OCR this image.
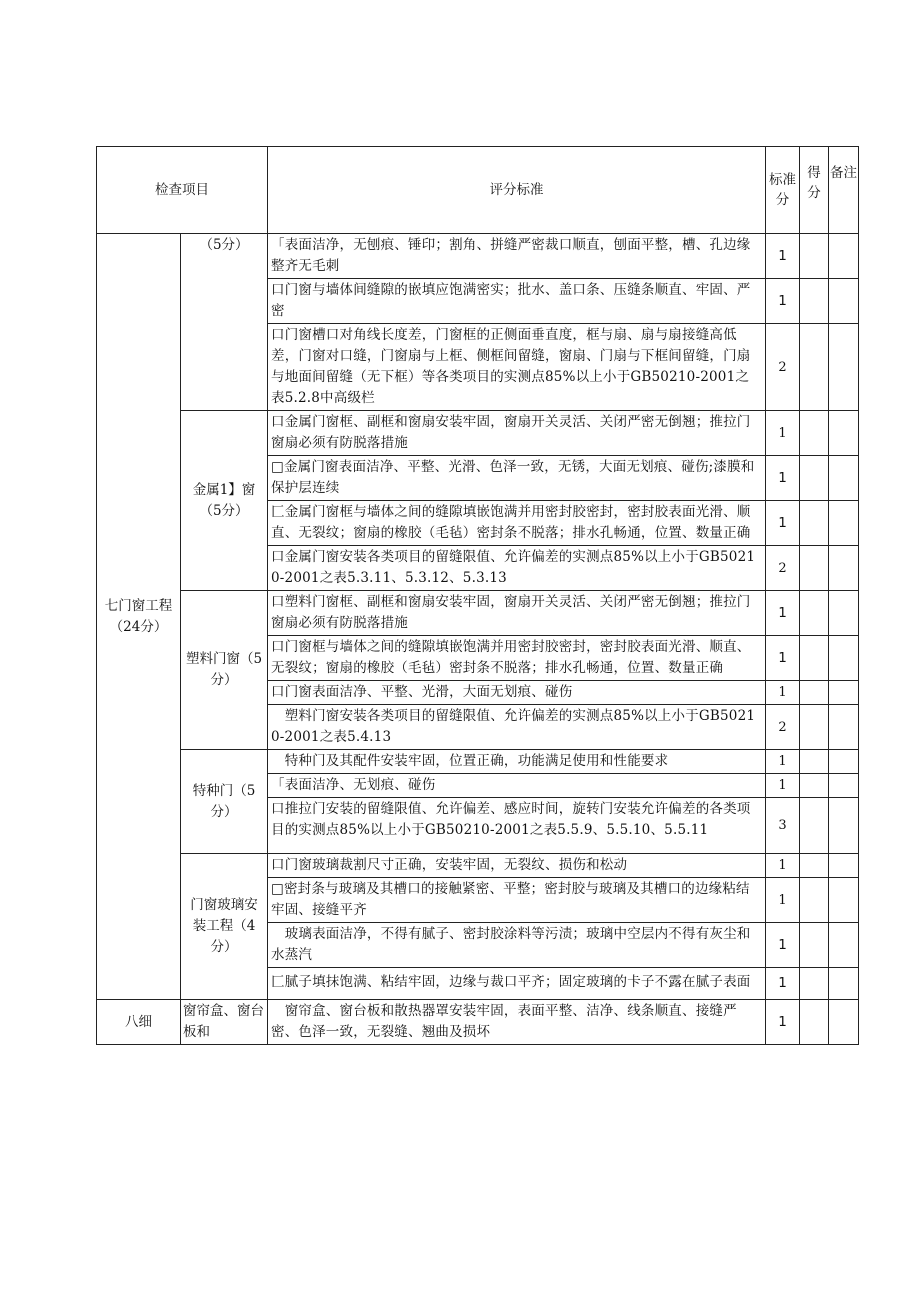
检查项目		评分标准	标准分	得分	备注
七门窗工程（24分）	（5分）	「表面洁净，无刨痕、锤印；割角、拼缝严密裁口顺直，刨面平整，槽、孔边缘整齐无毛刺	1		
		口门窗与墙体间缝隙的嵌填应饱满密实；批水、盖口条、压缝条顺直、牢固、严密	1		
		口门窗槽口对角线长度差，门窗框的正侧面垂直度，框与扇、扇与扇接缝高低差，门窗对口缝，门窗扇与上框、侧框间留缝，窗扇、门扇与下框间留缝，门扇与地面间留缝（无下框）等各类项目的实测点85%以上小于GB50210-2001之表5.2.8中高级栏	2		
	金属1】窗（5分）	口金属门窗框、副框和窗扇安装牢固，窗扇开关灵活、关闭严密无倒翘；推拉门窗扇必须有防脱落措施	1		
		□金属门窗表面洁净、平整、光滑、色泽一致，无锈，大面无划痕、碰伤;漆膜和保护层连续	1		
		匚金属门窗框与墙体之间的缝隙填嵌饱满并用密封胶密封，密封胶表面光滑、顺直、无裂纹；窗扇的橡胶（毛毡）密封条不脱落；排水孔畅通，位置、数量正确	1		
		口金属门窗安装各类项目的留缝限值、允许偏差的实测点85%以上小于GB50210-2001之表5.3.11、5.3.12、5.3.13	2		
	塑料门窗（5分）	口塑料门窗框、副框和窗扇安装牢固，窗扇开关灵活、关闭严密无倒翘；推拉门窗扇必须有防脱落措施	1		
		口门窗框与墙体之间的缝隙填嵌饱满并用密封胶密封，密封胶表面光滑、顺直、无裂纹；窗扇的橡胶（毛毡）密封条不脱落；排水孔畅通，位置、数量正确	1		
		口门窗表面洁净、平整、光滑，大面无划痕、碰伤	1		
		　塑料门窗安装各类项目的留缝限值、允许偏差的实测点85%以上小于GB50210-2001之表5.4.13	2		
	特种门（5分）	　特种门及其配件安装牢固，位置正确，功能满足使用和性能要求	1		
		「表面洁净、无划痕、碰伤	1		
		口推拉门安装的留缝限值、允许偏差、感应时间，旋转门安装允许偏差的各类项目的实测点85%以上小于GB50210-2001之表5.5.9、5.5.10、5.5.11	3		
	门窗玻璃安装工程（4分）	口门窗玻璃裁割尺寸正确，安装牢固，无裂纹、损伤和松动	1		
		□密封条与玻璃及其槽口的接触紧密、平整；密封胶与玻璃及其槽口的边缘粘结牢固、接缝平齐	1		
		　玻璃表面洁净，不得有腻子、密封胶涂料等污渍；玻璃中空层内不得有灰尘和水蒸汽	1		
		匚腻子填抹饱满、粘结牢固，边缘与裁口平齐；固定玻璃的卡子不露在腻子表面	1		
八细	窗帘盒、窗台板和	　窗帘盒、窗台板和散热器罩安装牢固，表面平整、洁净、线条顺直、接缝严密、色泽一致，无裂缝、翘曲及损坏	1		
